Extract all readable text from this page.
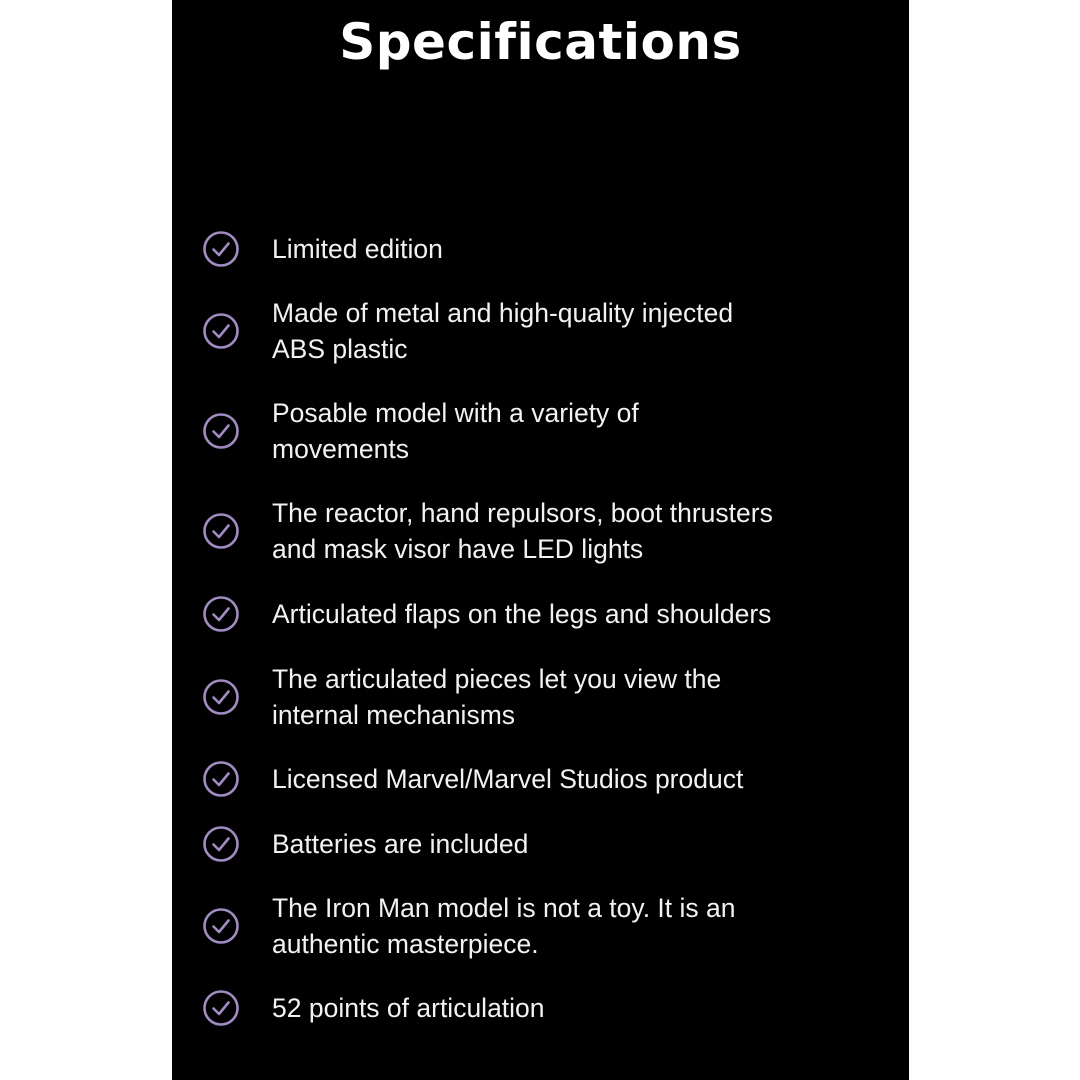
Specifications
Limited edition
Made of metal and high-quality injected
ABS plastic
Posable model with a variety of
movements
The reactor, hand repulsors, boot thrusters
and mask visor have LED lights
Articulated flaps on the legs and shoulders
The articulated pieces let you view the
internal mechanisms
Licensed Marvel/Marvel Studios product
Batteries are included
The Iron Man model is not a toy. It is an
authentic masterpiece.
52 points of articulation
